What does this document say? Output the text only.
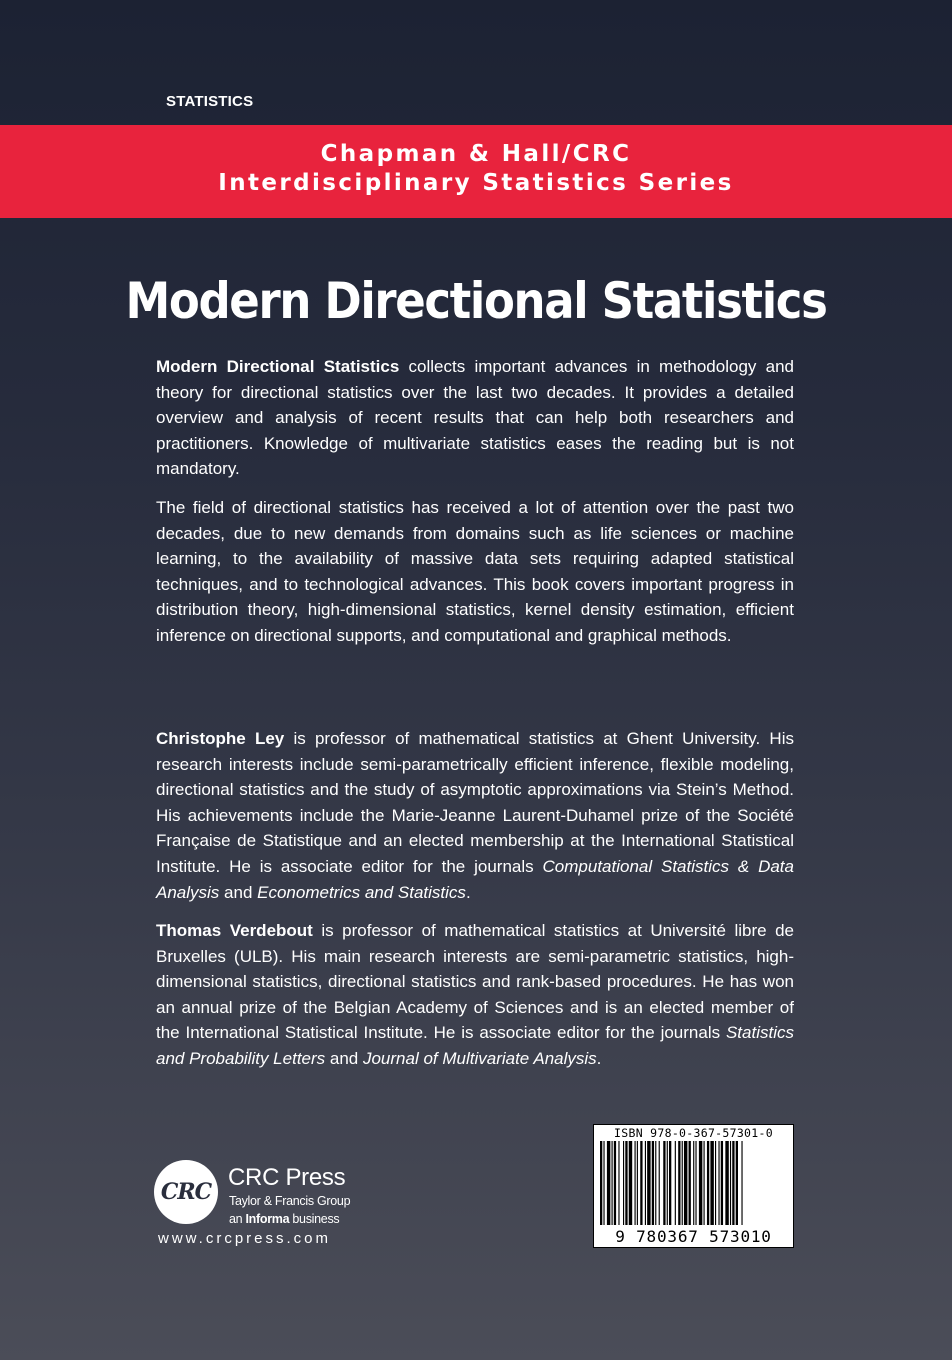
STATISTICS
Chapman & Hall/CRC
Interdisciplinary Statistics Series
Modern Directional Statistics
Modern Directional Statistics collects important advances in methodology and theory for directional statistics over the last two decades. It provides a detailed overview and analysis of recent results that can help both researchers and practitioners. Knowledge of multivariate statistics eases the reading but is not mandatory.
The field of directional statistics has received a lot of attention over the past two decades, due to new demands from domains such as life sciences or machine learning, to the availability of massive data sets requiring adapted statistical techniques, and to technological advances. This book covers important progress in distribution theory, high-dimensional statistics, kernel density estimation, efficient inference on directional supports, and computational and graphical methods.
Christophe Ley is professor of mathematical statistics at Ghent University. His research interests include semi-parametrically efficient inference, flexible modeling, directional statistics and the study of asymptotic approximations via Stein’s Method. His achievements include the Marie-Jeanne Laurent-Duhamel prize of the Société Française de Statistique and an elected membership at the International Statistical Institute. He is associate editor for the journals Computational Statistics & Data Analysis and Econometrics and Statistics.
Thomas Verdebout is professor of mathematical statistics at Université libre de Bruxelles (ULB). His main research interests are semi-parametric statistics, high-dimensional statistics, directional statistics and rank-based procedures. He has won an annual prize of the Belgian Academy of Sciences and is an elected member of the International Statistical Institute. He is associate editor for the journals Statistics and Probability Letters and Journal of Multivariate Analysis.
CRC
CRC Press
Taylor & Francis Group
an Informa business
www.crcpress.com
ISBN 978-0-367-57301-0
9 780367 573010
